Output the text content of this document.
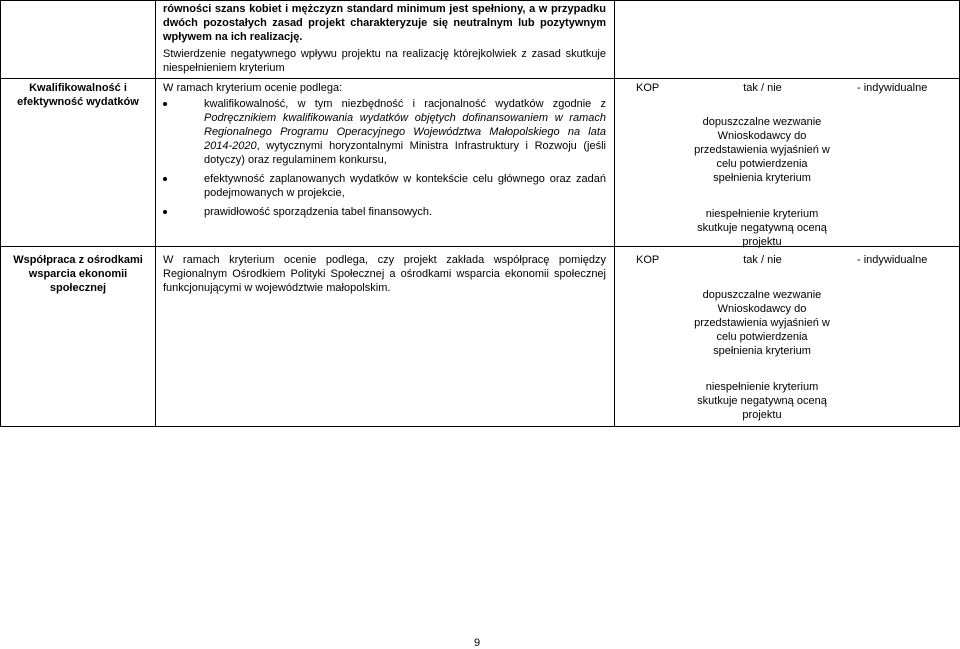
równości szans kobiet i mężczyzn standard minimum jest spełniony, a w przypadku dwóch pozostałych zasad projekt charakteryzuje się neutralnym lub pozytywnym wpływem na ich realizację.
Stwierdzenie negatywnego wpływu projektu na realizację którejkolwiek z zasad skutkuje niespełnieniem kryterium
Kwalifikowalność i efektywność wydatków
W ramach kryterium ocenie podlega:
kwalifikowalność, w tym niezbędność i racjonalność wydatków zgodnie z Podręcznikiem kwalifikowania wydatków objętych dofinansowaniem w ramach Regionalnego Programu Operacyjnego Województwa Małopolskiego na lata 2014-2020, wytycznymi horyzontalnymi Ministra Infrastruktury i Rozwoju (jeśli dotyczy) oraz regulaminem konkursu,
efektywność zaplanowanych wydatków w kontekście celu głównego oraz zadań podejmowanych w projekcie,
prawidłowość sporządzenia tabel finansowych.
KOP	tak / nie
dopuszczalne wezwanie Wnioskodawcy do przedstawienia wyjaśnień w celu potwierdzenia spełnienia kryterium
niespełnienie kryterium skutkuje negatywną oceną projektu
- indywidualne
Współpraca z ośrodkami wsparcia ekonomii społecznej
W ramach kryterium ocenie podlega, czy projekt zakłada współpracę pomiędzy Regionalnym Ośrodkiem Polityki Społecznej a ośrodkami wsparcia ekonomii społecznej funkcjonującymi w województwie małopolskim.
KOP	tak / nie
dopuszczalne wezwanie Wnioskodawcy do przedstawienia wyjaśnień w celu potwierdzenia spełnienia kryterium
niespełnienie kryterium skutkuje negatywną oceną projektu
- indywidualne
9
